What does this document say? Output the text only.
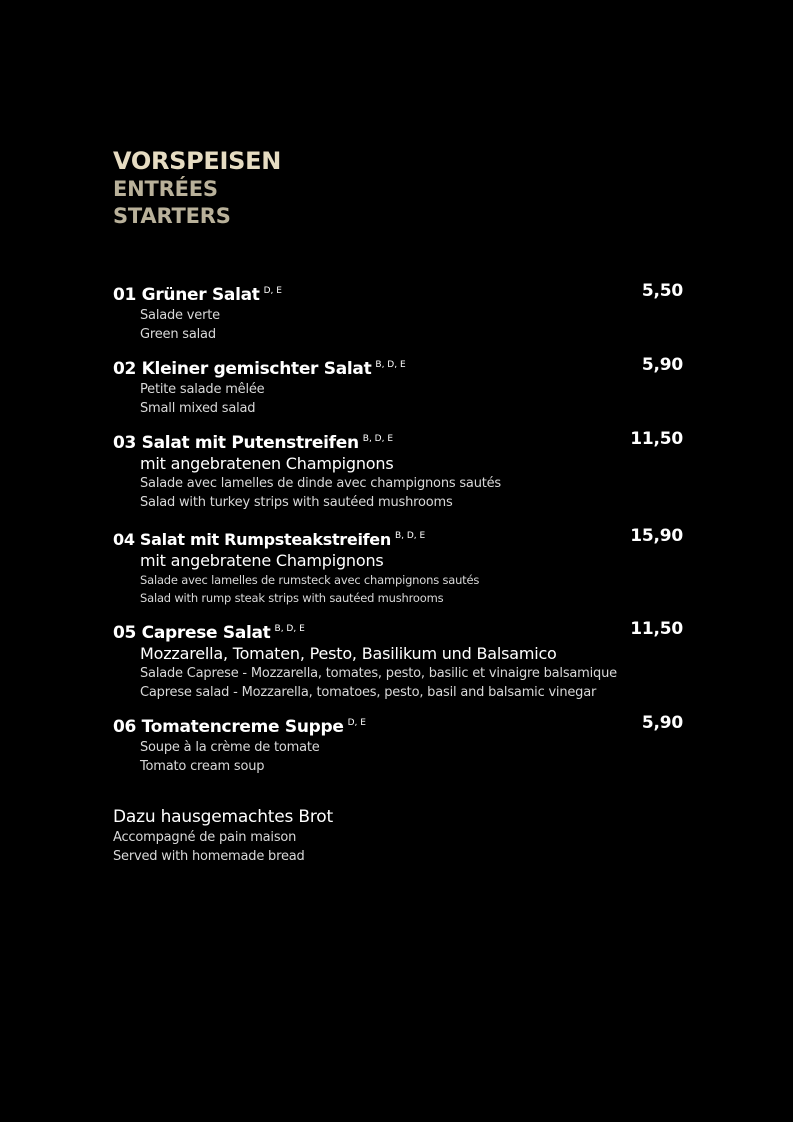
VORSPEISEN
ENTRÉES
STARTERS
01 Grüner Salat $^{D, E}$	5,50
Salade verte
Green salad
02 Kleiner gemischter Salat $^{B, D, E}$	5,90
Petite salade mêlée
Small mixed salad
03 Salat mit Putenstreifen $^{B, D, E}$	11,50
mit angebratenen Champignons
Salade avec lamelles de dinde avec champignons sautés
Salad with turkey strips with sautéed mushrooms
04 Salat mit Rumpsteakstreifen $^{B, D, E}$	15,90
mit angebratene Champignons
Salade avec lamelles de rumsteck avec champignons sautés
Salad with rump steak strips with sautéed mushrooms
05 Caprese Salat $^{B, D, E}$	11,50
Mozzarella, Tomaten, Pesto, Basilikum und Balsamico
Salade Caprese - Mozzarella, tomates, pesto, basilic et vinaigre balsamique
Caprese salad - Mozzarella, tomatoes, pesto, basil and balsamic vinegar
06 Tomatencreme Suppe $^{D, E}$	5,90
Soupe à la crème de tomate
Tomato cream soup
Dazu hausgemachtes Brot
Accompagné de pain maison
Served with homemade bread
